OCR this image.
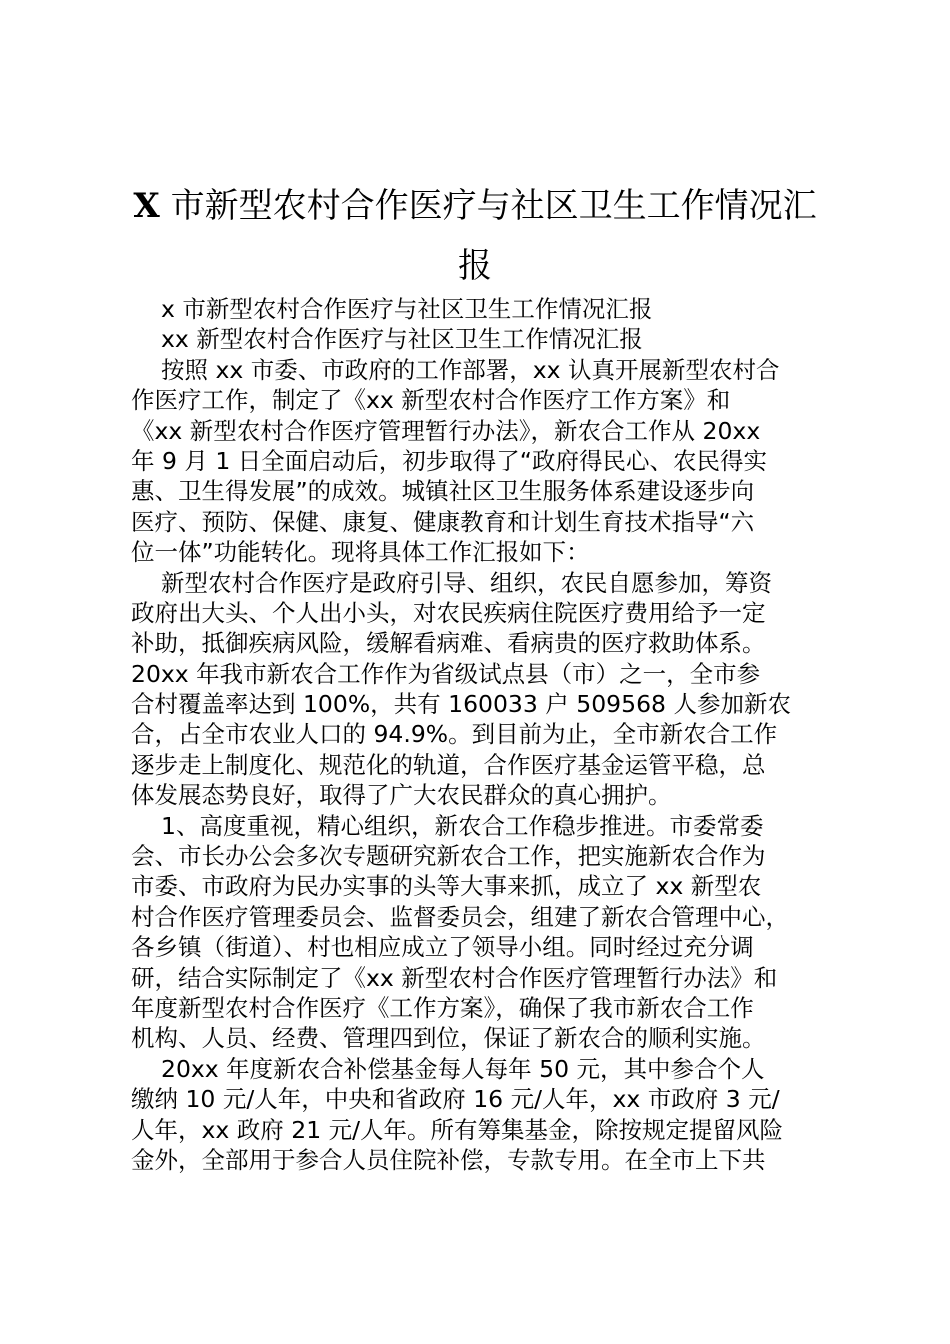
X 市新型农村合作医疗与社区卫生工作情况汇
报

x 市新型农村合作医疗与社区卫生工作情况汇报

xx 新型农村合作医疗与社区卫生工作情况汇报

按照 xx 市委、市政府的工作部署，xx 认真开展新型农村合

作医疗工作，制定了《xx 新型农村合作医疗工作方案》和

《xx 新型农村合作医疗管理暂行办法》，新农合工作从 20xx

年 9 月 1 日全面启动后，初步取得了“政府得民心、农民得实

惠、卫生得发展”的成效。城镇社区卫生服务体系建设逐步向

医疗、预防、保健、康复、健康教育和计划生育技术指导“六

位一体”功能转化。现将具体工作汇报如下：

新型农村合作医疗是政府引导、组织，农民自愿参加，筹资

政府出大头、个人出小头，对农民疾病住院医疗费用给予一定

补助，抵御疾病风险，缓解看病难、看病贵的医疗救助体系。

20xx 年我市新农合工作作为省级试点县（市）之一，全市参

合村覆盖率达到 100%，共有 160033 户 509568 人参加新农

合，占全市农业人口的 94.9%。到目前为止，全市新农合工作

逐步走上制度化、规范化的轨道，合作医疗基金运管平稳，总

体发展态势良好，取得了广大农民群众的真心拥护。

1、高度重视，精心组织，新农合工作稳步推进。市委常委

会、市长办公会多次专题研究新农合工作，把实施新农合作为

市委、市政府为民办实事的头等大事来抓，成立了 xx 新型农

村合作医疗管理委员会、监督委员会，组建了新农合管理中心，

各乡镇（街道）、村也相应成立了领导小组。同时经过充分调

研，结合实际制定了《xx 新型农村合作医疗管理暂行办法》和

年度新型农村合作医疗《工作方案》，确保了我市新农合工作

机构、人员、经费、管理四到位，保证了新农合的顺利实施。

20xx 年度新农合补偿基金每人每年 50 元，其中参合个人

缴纳 10 元/人年，中央和省政府 16 元/人年，xx 市政府 3 元/

人年，xx 政府 21 元/人年。所有筹集基金，除按规定提留风险

金外，全部用于参合人员住院补偿，专款专用。在全市上下共
